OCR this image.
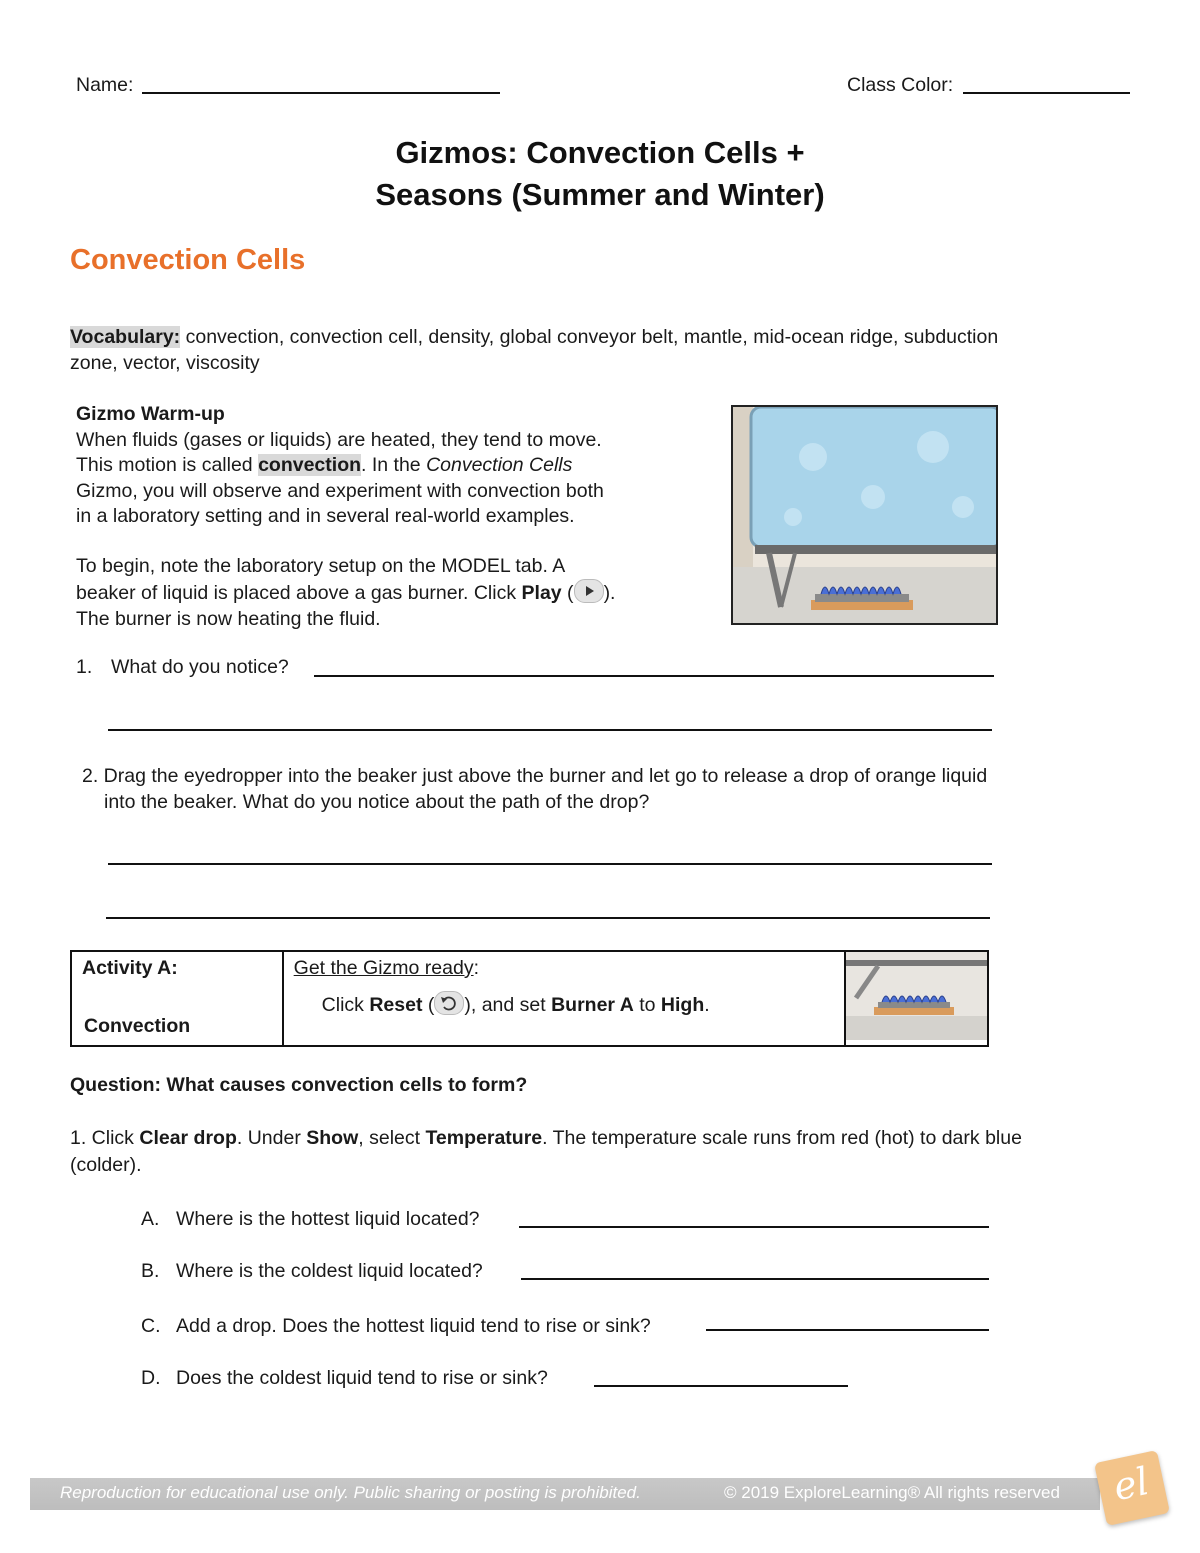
Name:	Class Color:
Gizmos: Convection Cells +
Seasons (Summer and Winter)
Convection Cells
Vocabulary: convection, convection cell, density, global conveyor belt, mantle, mid-ocean ridge, subduction
zone, vector, viscosity
Gizmo Warm-up
When fluids (gases or liquids) are heated, they tend to move.
This motion is called convection. In the Convection Cells
Gizmo, you will observe and experiment with convection both
in a laboratory setting and in several real-world examples.
To begin, note the laboratory setup on the MODEL tab. A
beaker of liquid is placed above a gas burner. Click Play ( ).
The burner is now heating the fluid.
1. What do you notice?
2. Drag the eyedropper into the beaker just above the burner and let go to release a drop of orange liquid
into the beaker. What do you notice about the path of the drop?
Activity A:
Convection

Get the Gizmo ready:
Click Reset ( ), and set Burner A to High.

Question: What causes convection cells to form?
1. Click Clear drop. Under Show, select Temperature. The temperature scale runs from red (hot) to dark blue
(colder).
A. Where is the hottest liquid located?
B. Where is the coldest liquid located?
C. Add a drop. Does the hottest liquid tend to rise or sink?
D. Does the coldest liquid tend to rise or sink?
Reproduction for educational use only. Public sharing or posting is prohibited.	© 2019 ExploreLearning® All rights reserved	el
